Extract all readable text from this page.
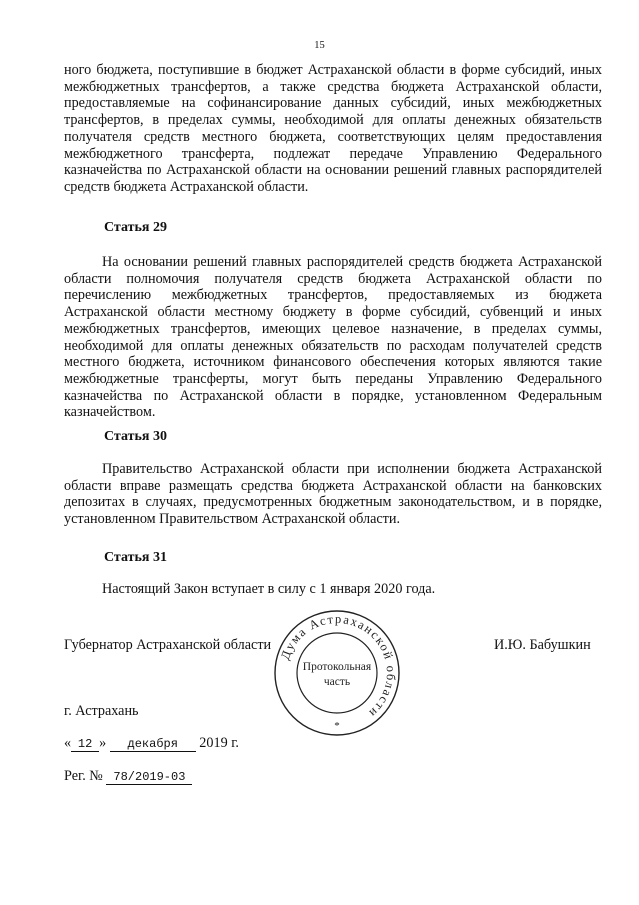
15

ного бюджета, поступившие в бюджет Астраханской области в форме субсидий, иных межбюджетных трансфертов, а также средства бюджета Астраханской области, предоставляемые на софинансирование данных субсидий, иных межбюджетных трансфертов, в пределах суммы, необходимой для оплаты денежных обязательств получателя средств местного бюджета, соответствующих целям предоставления межбюджетного трансферта, подлежат передаче Управлению Федерального казначейства по Астраханской области на основании решений главных распорядителей средств бюджета Астраханской области.

Статья 29

На основании решений главных распорядителей средств бюджета Астраханской области полномочия получателя средств бюджета Астраханской области по перечислению межбюджетных трансфертов, предоставляемых из бюджета Астраханской области местному бюджету в форме субсидий, субвенций и иных межбюджетных трансфертов, имеющих целевое назначение, в пределах суммы, необходимой для оплаты денежных обязательств по расходам получателей средств местного бюджета, источником финансового обеспечения которых являются такие межбюджетные трансферты, могут быть переданы Управлению Федерального казначейства по Астраханской области в порядке, установленном Федеральным казначейством.

Статья 30

Правительство Астраханской области при исполнении бюджета Астраханской области вправе размещать средства бюджета Астраханской области на банковских депозитах в случаях, предусмотренных бюджетным законодательством, и в порядке, установленном Правительством Астраханской области.

Статья 31

Настоящий Закон вступает в силу с 1 января 2020 года.

Губернатор Астраханской области	И.Ю. Бабушкин
Дума Астраханской области
Протокольная
часть
*
г. Астрахань
« 12 » декабря 2019 г.
Рег. № 78/2019-03
